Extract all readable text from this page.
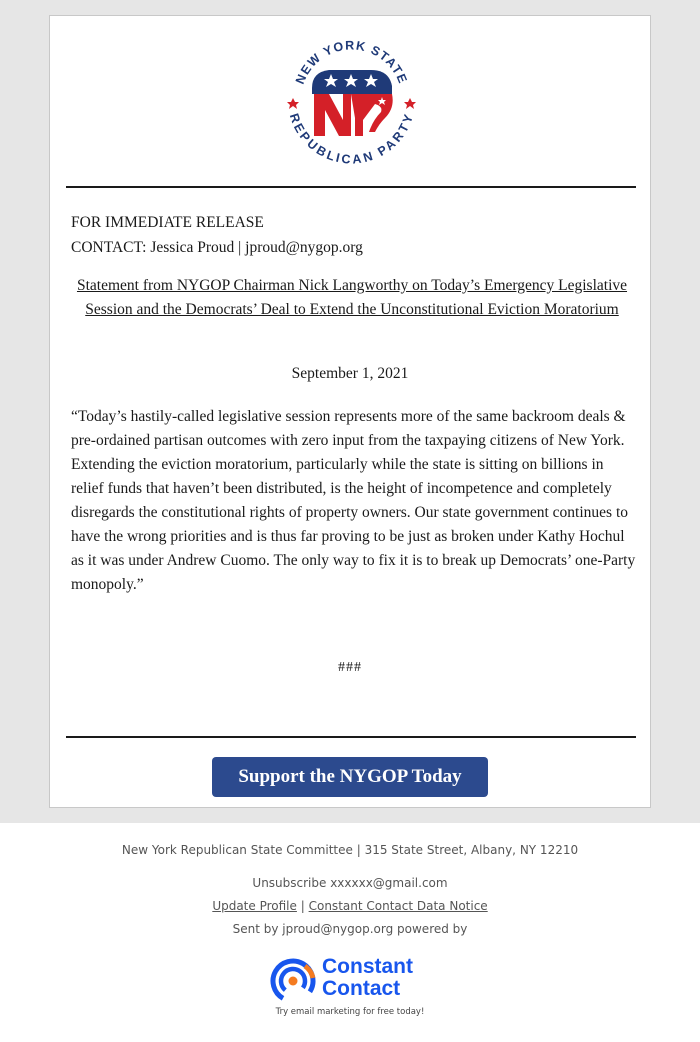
NEW YORK STATE
REPUBLICAN PARTY
FOR IMMEDIATE RELEASE
CONTACT: Jessica Proud | jproud@nygop.org
Statement from NYGOP Chairman Nick Langworthy on Today’s Emergency Legislative Session and the Democrats’ Deal to Extend the Unconstitutional Eviction Moratorium
September 1, 2021
“Today’s hastily-called legislative session represents more of the same backroom deals & pre-ordained partisan outcomes with zero input from the taxpaying citizens of New York. Extending the eviction moratorium, particularly while the state is sitting on billions in relief funds that haven’t been distributed, is the height of incompetence and completely disregards the constitutional rights of property owners. Our state government continues to have the wrong priorities and is thus far proving to be just as broken under Kathy Hochul as it was under Andrew Cuomo. The only way to fix it is to break up Democrats’ one-Party monopoly.”
###
Support the NYGOP Today
New York Republican State Committee | 315 State Street, Albany, NY 12210
Unsubscribe xxxxxx@gmail.com
Update Profile | Constant Contact Data Notice
Sent by jproud@nygop.org powered by
Constant
Contact
Try email marketing for free today!
